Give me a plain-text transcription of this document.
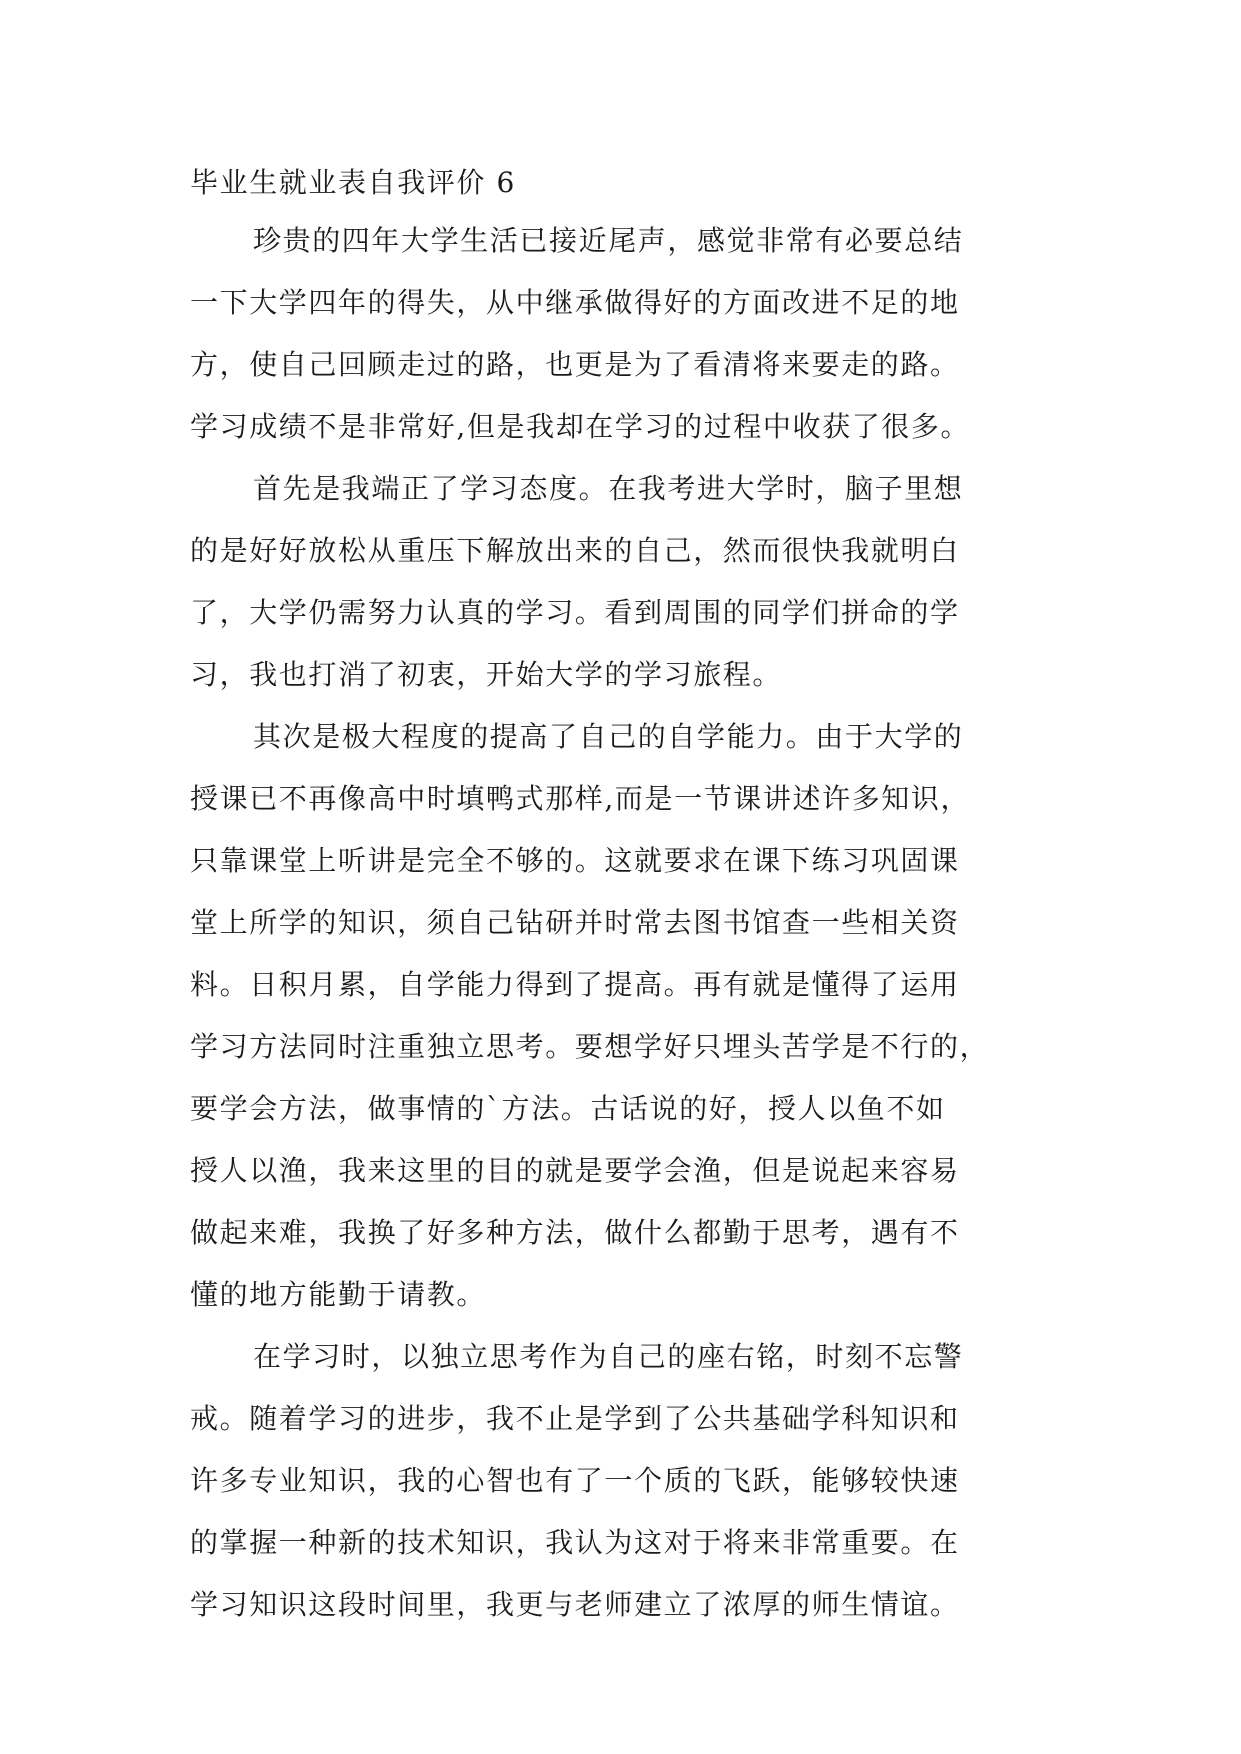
毕业生就业表自我评价 6
珍贵的四年大学生活已接近尾声，感觉非常有必要总结
一下大学四年的得失，从中继承做得好的方面改进不足的地
方，使自己回顾走过的路，也更是为了看清将来要走的路。
学习成绩不是非常好,但是我却在学习的过程中收获了很多。
首先是我端正了学习态度。在我考进大学时，脑子里想
的是好好放松从重压下解放出来的自己，然而很快我就明白
了，大学仍需努力认真的学习。看到周围的同学们拼命的学
习，我也打消了初衷，开始大学的学习旅程。
其次是极大程度的提高了自己的自学能力。由于大学的
授课已不再像高中时填鸭式那样,而是一节课讲述许多知识，
只靠课堂上听讲是完全不够的。这就要求在课下练习巩固课
堂上所学的知识，须自己钻研并时常去图书馆查一些相关资
料。日积月累，自学能力得到了提高。再有就是懂得了运用
学习方法同时注重独立思考。要想学好只埋头苦学是不行的，
要学会方法，做事情的`方法。古话说的好，授人以鱼不如
授人以渔，我来这里的目的就是要学会渔，但是说起来容易
做起来难，我换了好多种方法，做什么都勤于思考，遇有不
懂的地方能勤于请教。
在学习时，以独立思考作为自己的座右铭，时刻不忘警
戒。随着学习的进步，我不止是学到了公共基础学科知识和
许多专业知识，我的心智也有了一个质的飞跃，能够较快速
的掌握一种新的技术知识，我认为这对于将来非常重要。在
学习知识这段时间里，我更与老师建立了浓厚的师生情谊。
